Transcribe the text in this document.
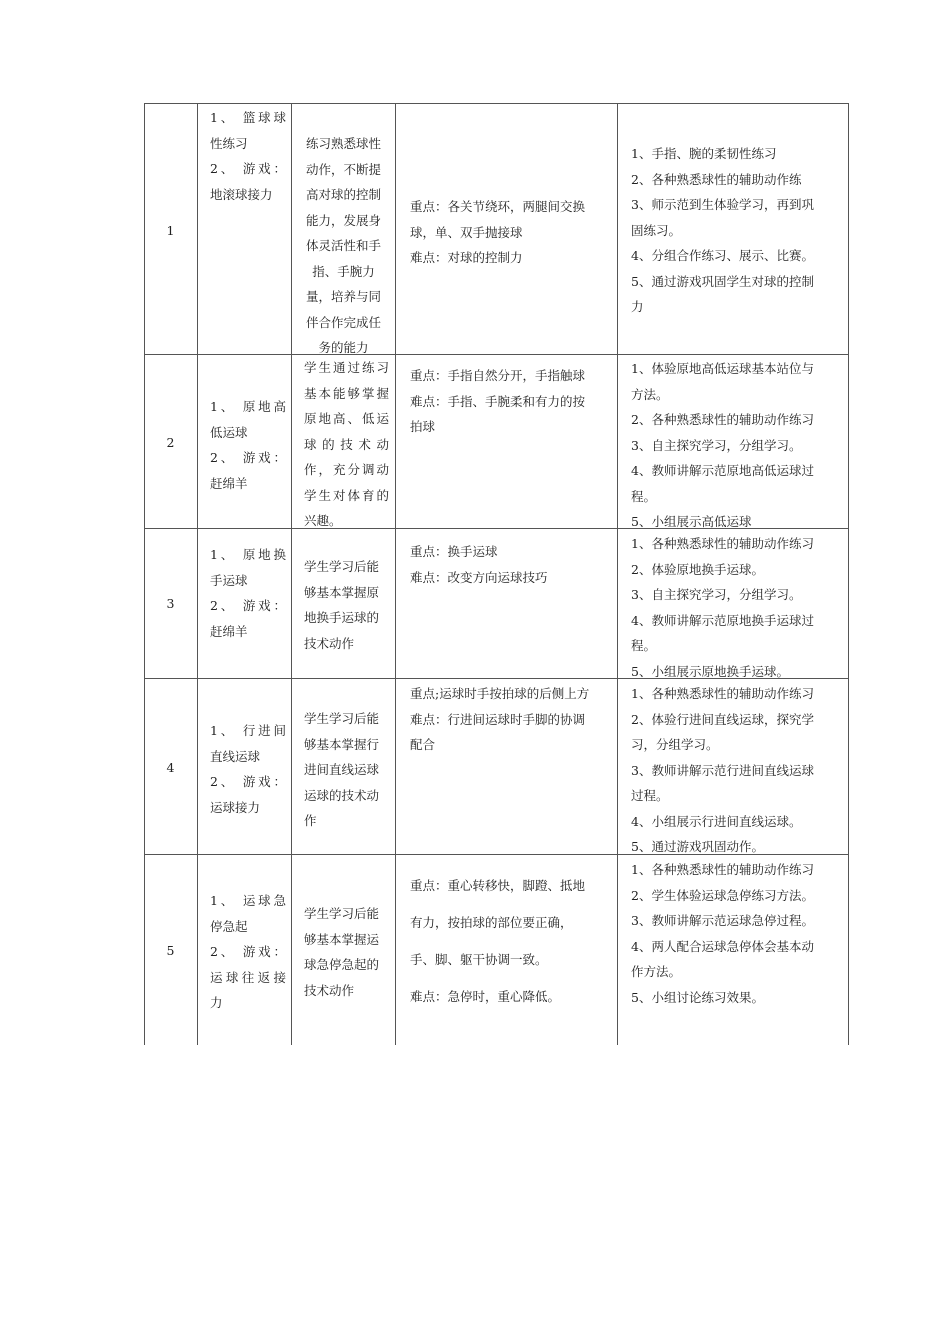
1
1、 篮球球
性练习
2、 游戏：
地滚球接力
练习熟悉球性
动作，不断提
高对球的控制
能力，发展身
体灵活性和手
指、手腕力
量，培养与同
伴合作完成任
务的能力
重点：各关节绕环，两腿间交换
球，单、双手抛接球
难点：对球的控制力
1、手指、腕的柔韧性练习
2、各种熟悉球性的辅助动作练
3、师示范到生体验学习，再到巩
固练习。
4、分组合作练习、展示、比赛。
5、通过游戏巩固学生对球的控制
力
2
1、 原地高
低运球
2、 游戏：
赶绵羊
学生通过练习
基本能够掌握
原地高、低运
球的技术动
作，充分调动
学生对体育的
兴趣。
重点：手指自然分开，手指触球
难点：手指、手腕柔和有力的按
拍球
1、体验原地高低运球基本站位与
方法。
2、各种熟悉球性的辅助动作练习
3、自主探究学习，分组学习。
4、教师讲解示范原地高低运球过
程。
5、小组展示高低运球
3
1、 原地换
手运球
2、 游戏：
赶绵羊
学生学习后能
够基本掌握原
地换手运球的
技术动作
重点：换手运球
难点：改变方向运球技巧
1、各种熟悉球性的辅助动作练习
2、体验原地换手运球。
3、自主探究学习，分组学习。
4、教师讲解示范原地换手运球过
程。
5、小组展示原地换手运球。
4
1、 行进间
直线运球
2、 游戏：
运球接力
学生学习后能
够基本掌握行
进间直线运球
运球的技术动
作
重点;运球时手按拍球的后侧上方
难点：行进间运球时手脚的协调
配合
1、各种熟悉球性的辅助动作练习
2、体验行进间直线运球，探究学
习，分组学习。
3、教师讲解示范行进间直线运球
过程。
4、小组展示行进间直线运球。
5、通过游戏巩固动作。
5
1、 运球急
停急起
2、 游戏：
运球往返接
力
学生学习后能
够基本掌握运
球急停急起的
技术动作
重点：重心转移快，脚蹬、抵地
有力，按拍球的部位要正确，
手、脚、躯干协调一致。
难点：急停时，重心降低。
1、各种熟悉球性的辅助动作练习
2、学生体验运球急停练习方法。
3、教师讲解示范运球急停过程。
4、两人配合运球急停体会基本动
作方法。
5、小组讨论练习效果。
